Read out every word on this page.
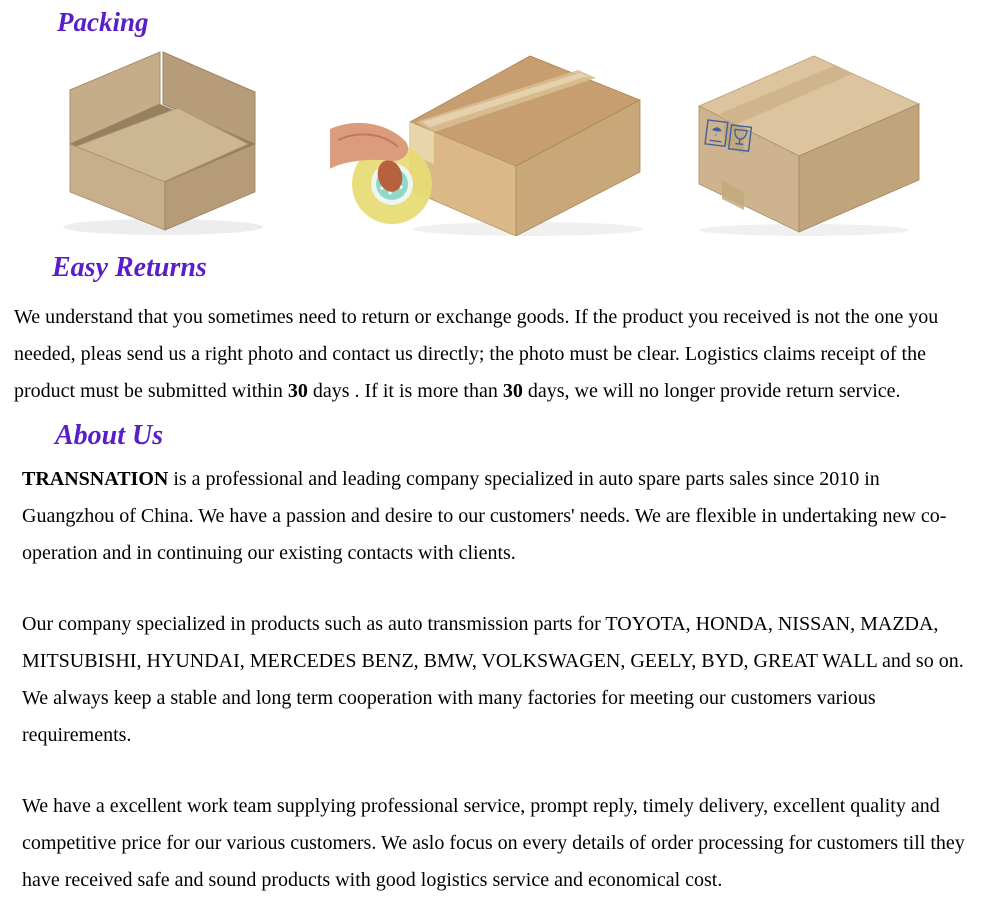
Packing
☂
Easy Returns

We understand that you sometimes need to return or exchange goods. If the product you received is not the one you needed, pleas send us a right photo and contact us directly; the photo must be clear. Logistics claims receipt of the product must be submitted within 30 days . If it is more than 30 days, we will no longer provide return service.

About Us

TRANSNATION is a professional and leading company specialized in auto spare parts sales since 2010 in Guangzhou of China. We have a passion and desire to our customers' needs. We are flexible in undertaking new co-operation and in continuing our existing contacts with clients.

Our company specialized in products such as auto transmission parts for TOYOTA, HONDA, NISSAN, MAZDA, MITSUBISHI, HYUNDAI, MERCEDES BENZ, BMW, VOLKSWAGEN, GEELY, BYD, GREAT WALL and so on. We always keep a stable and long term cooperation with many factories for meeting our customers various requirements.

We have a excellent work team supplying professional service, prompt reply, timely delivery, excellent quality and competitive price for our various customers. We aslo focus on every details of order processing for customers till they have received safe and sound products with good logistics service and economical cost.
